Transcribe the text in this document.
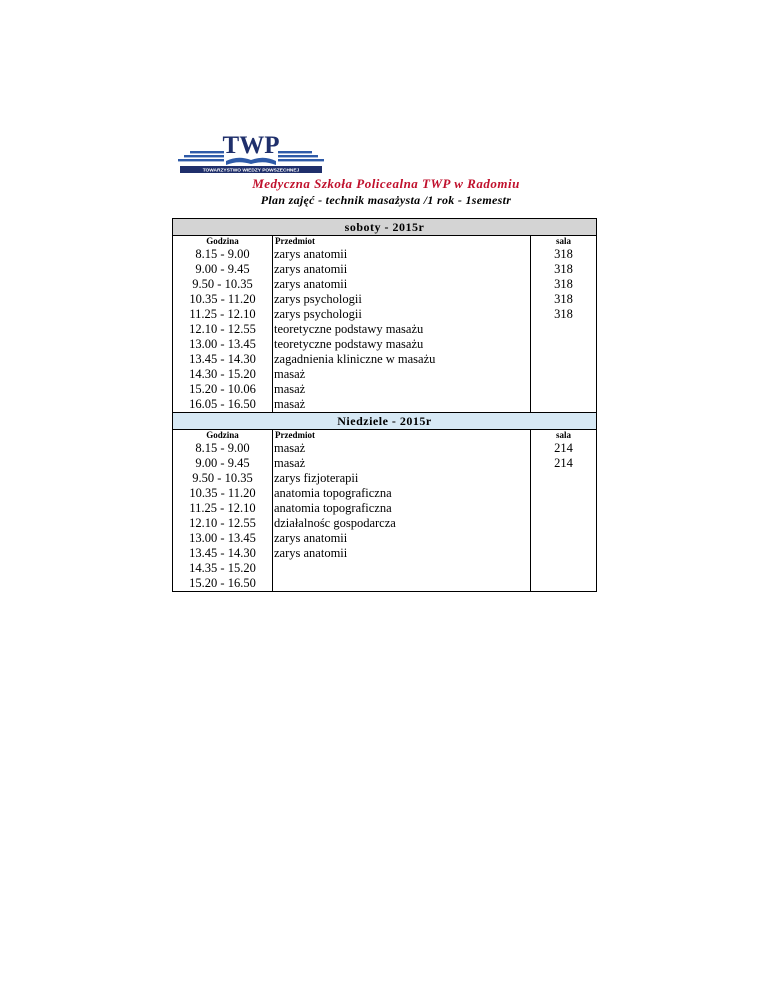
TWP
TOWARZYSTWO WIEDZY POWSZECHNEJ
Medyczna Szkoła Policealna TWP w Radomiu
Plan zajęć - technik masażysta /1 rok - 1semestr
soboty - 2015r		
Godzina	Przedmiot	sala
8.15 - 9.00	zarys anatomii	318
9.00 - 9.45	zarys anatomii	318
9.50 - 10.35	zarys anatomii	318
10.35 - 11.20	zarys psychologii	318
11.25 - 12.10	zarys psychologii	318
12.10 - 12.55	teoretyczne podstawy masażu	
13.00 - 13.45	teoretyczne podstawy masażu	
13.45 - 14.30	zagadnienia kliniczne w masażu	
14.30 - 15.20	masaż	
15.20 - 10.06	masaż	
16.05 - 16.50	masaż	
Niedziele - 2015r		
Godzina	Przedmiot	sala
8.15 - 9.00	masaż	214
9.00 - 9.45	masaż	214
9.50 - 10.35	zarys fizjoterapii	
10.35 - 11.20	anatomia topograficzna	
11.25 - 12.10	anatomia topograficzna	
12.10 - 12.55	działalnośc gospodarcza	
13.00 - 13.45	zarys anatomii	
13.45 - 14.30	zarys anatomii	
14.35 - 15.20		
15.20 - 16.50		
